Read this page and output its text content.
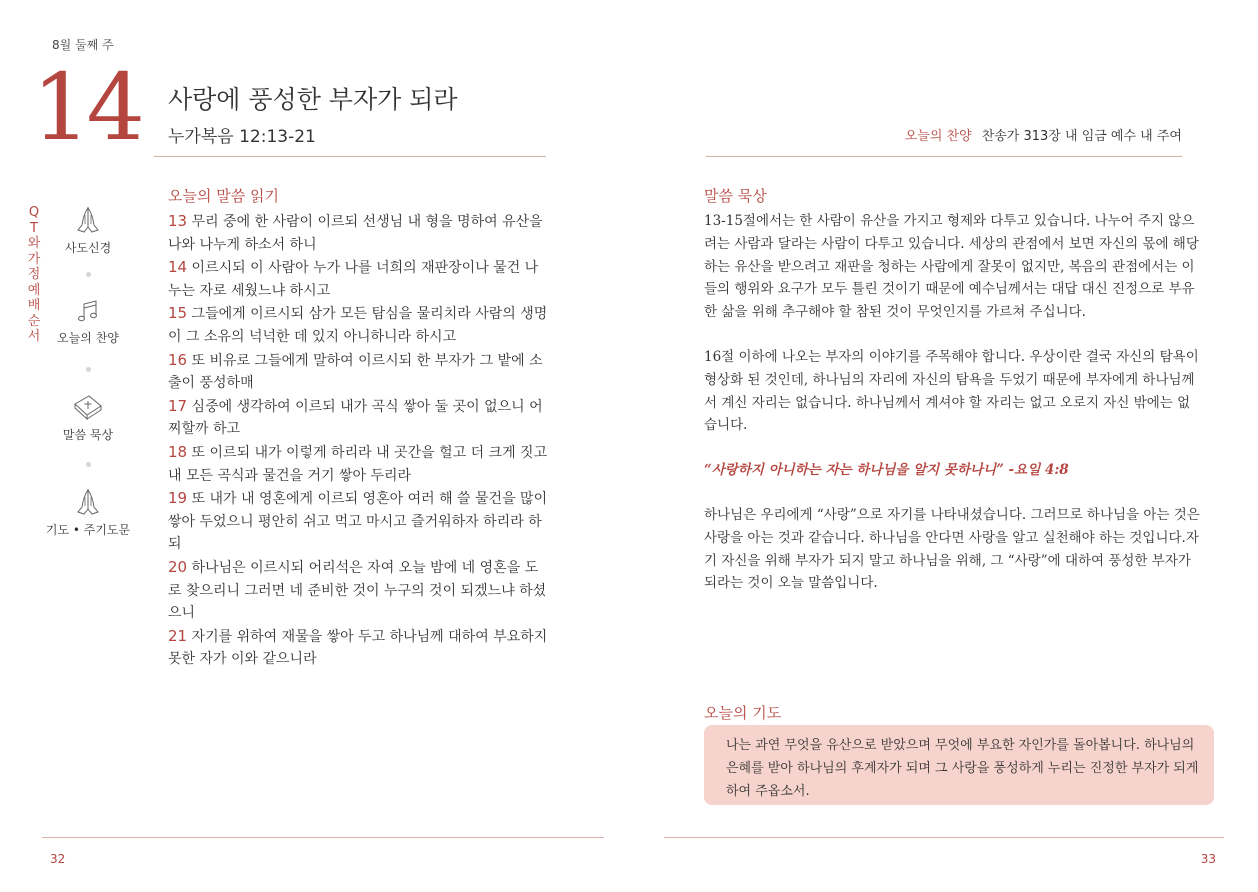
8월 둘째 주
14 사랑에 풍성한 부자가 되라
누가복음 12:13-21	오늘의 찬양 찬송가 313장 내 임금 예수 내 주여
QT와 가정예배 순서
사도신경
오늘의 찬양
말씀 묵상
기도 • 주기도문
오늘의 말씀 읽기
13 무리 중에 한 사람이 이르되 선생님 내 형을 명하여 유산을 나와 나누게 하소서 하니
14 이르시되 이 사람아 누가 나를 너희의 재판장이나 물건 나누는 자로 세웠느냐 하시고
15 그들에게 이르시되 삼가 모든 탐심을 물리치라 사람의 생명이 그 소유의 넉넉한 데 있지 아니하니라 하시고
16 또 비유로 그들에게 말하여 이르시되 한 부자가 그 밭에 소출이 풍성하매
17 심중에 생각하여 이르되 내가 곡식 쌓아 둘 곳이 없으니 어찌할까 하고
18 또 이르되 내가 이렇게 하리라 내 곳간을 헐고 더 크게 짓고 내 모든 곡식과 물건을 거기 쌓아 두리라
19 또 내가 내 영혼에게 이르되 영혼아 여러 해 쓸 물건을 많이 쌓아 두었으니 평안히 쉬고 먹고 마시고 즐거워하자 하리라 하되
20 하나님은 이르시되 어리석은 자여 오늘 밤에 네 영혼을 도로 찾으리니 그러면 네 준비한 것이 누구의 것이 되겠느냐 하셨으니
21 자기를 위하여 재물을 쌓아 두고 하나님께 대하여 부요하지 못한 자가 이와 같으니라
말씀 묵상

13-15절에서는 한 사람이 유산을 가지고 형제와 다투고 있습니다. 나누어 주지 않으려는 사람과 달라는 사람이 다투고 있습니다. 세상의 관점에서 보면 자신의 몫에 해당하는 유산을 받으려고 재판을 청하는 사람에게 잘못이 없지만, 복음의 관점에서는 이들의 행위와 요구가 모두 틀린 것이기 때문에 예수님께서는 대답 대신 진정으로 부유한 삶을 위해 추구해야 할 참된 것이 무엇인지를 가르쳐 주십니다.

16절 이하에 나오는 부자의 이야기를 주목해야 합니다. 우상이란 결국 자신의 탐욕이 형상화 된 것인데, 하나님의 자리에 자신의 탐욕을 두었기 때문에 부자에게 하나님께서 계신 자리는 없습니다. 하나님께서 계셔야 할 자리는 없고 오로지 자신 밖에는 없습니다.

“사랑하지 아니하는 자는 하나님을 알지 못하나니” -요일 4:8

하나님은 우리에게 “사랑”으로 자기를 나타내셨습니다. 그러므로 하나님을 아는 것은 사랑을 아는 것과 같습니다. 하나님을 안다면 사랑을 알고 실천해야 하는 것입니다.자기 자신을 위해 부자가 되지 말고 하나님을 위해, 그 “사랑”에 대하여 풍성한 부자가 되라는 것이 오늘 말씀입니다.

오늘의 기도
나는 과연 무엇을 유산으로 받았으며 무엇에 부요한 자인가를 돌아봅니다. 하나님의 은혜를 받아 하나님의 후계자가 되며 그 사랑을 풍성하게 누리는 진정한 부자가 되게 하여 주옵소서.
32	33
